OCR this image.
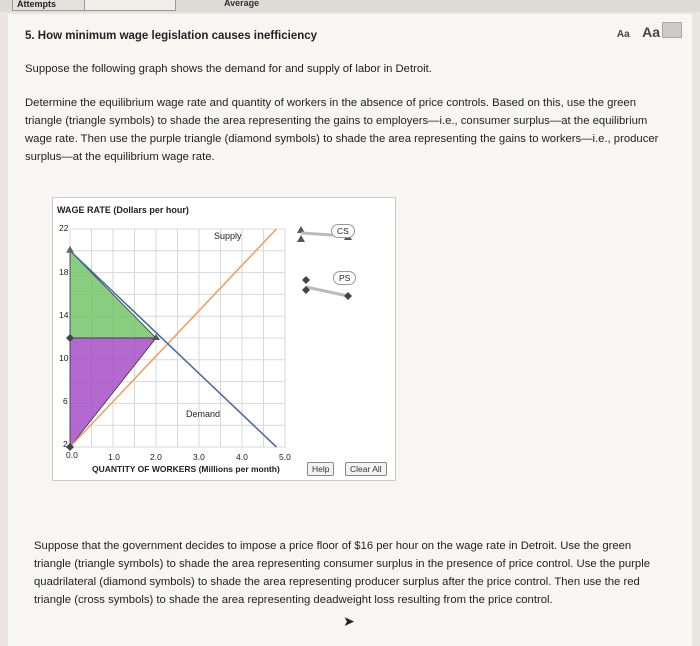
Attempts	Average
5. How minimum wage legislation causes inefficiency	Aa Aa
Suppose the following graph shows the demand for and supply of labor in Detroit.
Determine the equilibrium wage rate and quantity of workers in the absence of price controls. Based on this, use the green triangle (triangle symbols) to shade the area representing the gains to employers—i.e., consumer surplus—at the equilibrium wage rate. Then use the purple triangle (diamond symbols) to shade the area representing the gains to workers—i.e., producer surplus—at the equilibrium wage rate.
WAGE RATE (Dollars per hour)
22
18
14
10
6
2
0.0	1.0	2.0	3.0	4.0	5.0
QUANTITY OF WORKERS (Millions per month)
Supply
Demand
CS
PS
Help	Clear All
Suppose that the government decides to impose a price floor of $16 per hour on the wage rate in Detroit. Use the green triangle (triangle symbols) to shade the area representing consumer surplus in the presence of price control. Use the purple quadrilateral (diamond symbols) to shade the area representing producer surplus after the price control. Then use the red triangle (cross symbols) to shade the area representing deadweight loss resulting from the price control.
➤
